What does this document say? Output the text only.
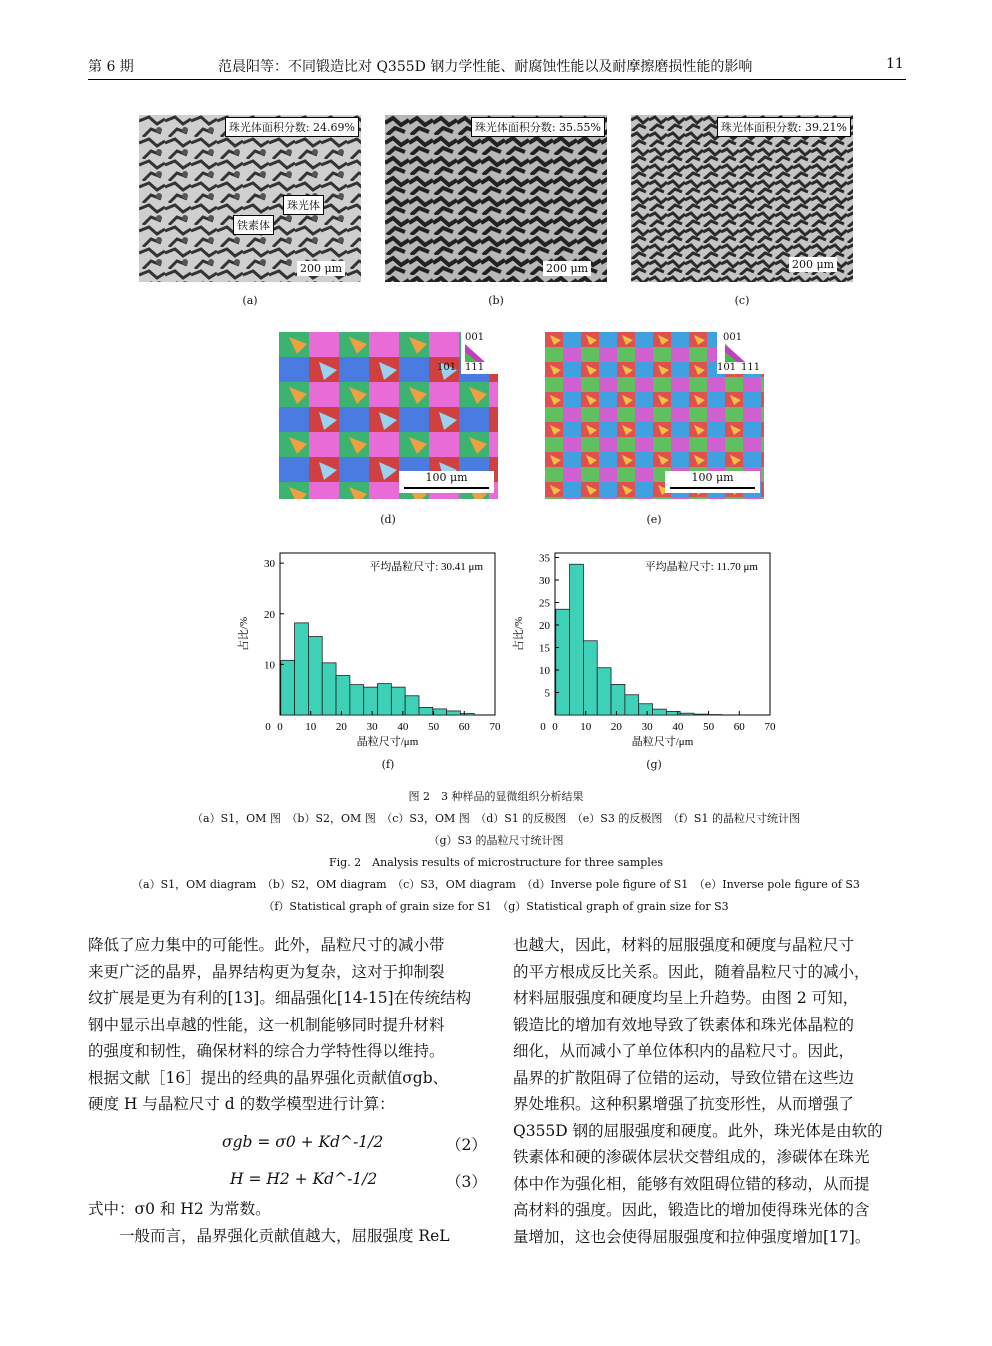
第 6 期	范晨阳等：不同锻造比对 Q355D 钢力学性能、耐腐蚀性能以及耐摩擦磨损性能的影响	11
珠光体面积分数: 24.69%
珠光体
铁素体
200 μm
珠光体面积分数: 35.55%
200 μm
珠光体面积分数: 39.21%
200 μm
(a)	(b)	(c)
001
101 111
100 μm
001
101 111
100 μm
(d)	(e)
0 10 20 30 40 50 60 70
10
20
30
0
晶粒尺寸/μm
占比/%
平均晶粒尺寸: 30.41 μm
0 10 20 30 40 50 60 70
5
10
15
20
25
30
35
0
晶粒尺寸/μm
占比/%
平均晶粒尺寸: 11.70 μm
(f)	(g)
图 2　3 种样品的显微组织分析结果
（a）S1，OM 图　（b）S2，OM 图　（c）S3，OM 图　（d）S1 的反极图　（e）S3 的反极图　（f）S1 的晶粒尺寸统计图
（g）S3 的晶粒尺寸统计图
Fig. 2　Analysis results of microstructure for three samples
（a）S1，OM diagram　（b）S2，OM diagram　（c）S3，OM diagram　（d）Inverse pole figure of S1　（e）Inverse pole figure of S3
（f）Statistical graph of grain size for S1　（g）Statistical graph of grain size for S3

降低了应力集中的可能性。此外，晶粒尺寸的减小带

来更广泛的晶界，晶界结构更为复杂，这对于抑制裂

纹扩展是更为有利的[13]。细晶强化[14-15]在传统结构

钢中显示出卓越的性能，这一机制能够同时提升材料

的强度和韧性，确保材料的综合力学特性得以维持。

根据文献［16］提出的经典的晶界强化贡献值σgb、

硬度 H 与晶粒尺寸 d 的数学模型进行计算：

σgb = σ0 + Kd^-1/2	（2）
H = H2 + Kd^-1/2	（3）

式中：σ0 和 H2 为常数。

　　一般而言，晶界强化贡献值越大，屈服强度 ReL

也越大，因此，材料的屈服强度和硬度与晶粒尺寸

的平方根成反比关系。因此，随着晶粒尺寸的减小，

材料屈服强度和硬度均呈上升趋势。由图 2 可知，

锻造比的增加有效地导致了铁素体和珠光体晶粒的

细化，从而减小了单位体积内的晶粒尺寸。因此，

晶界的扩散阻碍了位错的运动，导致位错在这些边

界处堆积。这种积累增强了抗变形性，从而增强了

Q355D 钢的屈服强度和硬度。此外，珠光体是由软的

铁素体和硬的渗碳体层状交替组成的，渗碳体在珠光

体中作为强化相，能够有效阻碍位错的移动，从而提

高材料的强度。因此，锻造比的增加使得珠光体的含

量增加，这也会使得屈服强度和拉伸强度增加[17]。
